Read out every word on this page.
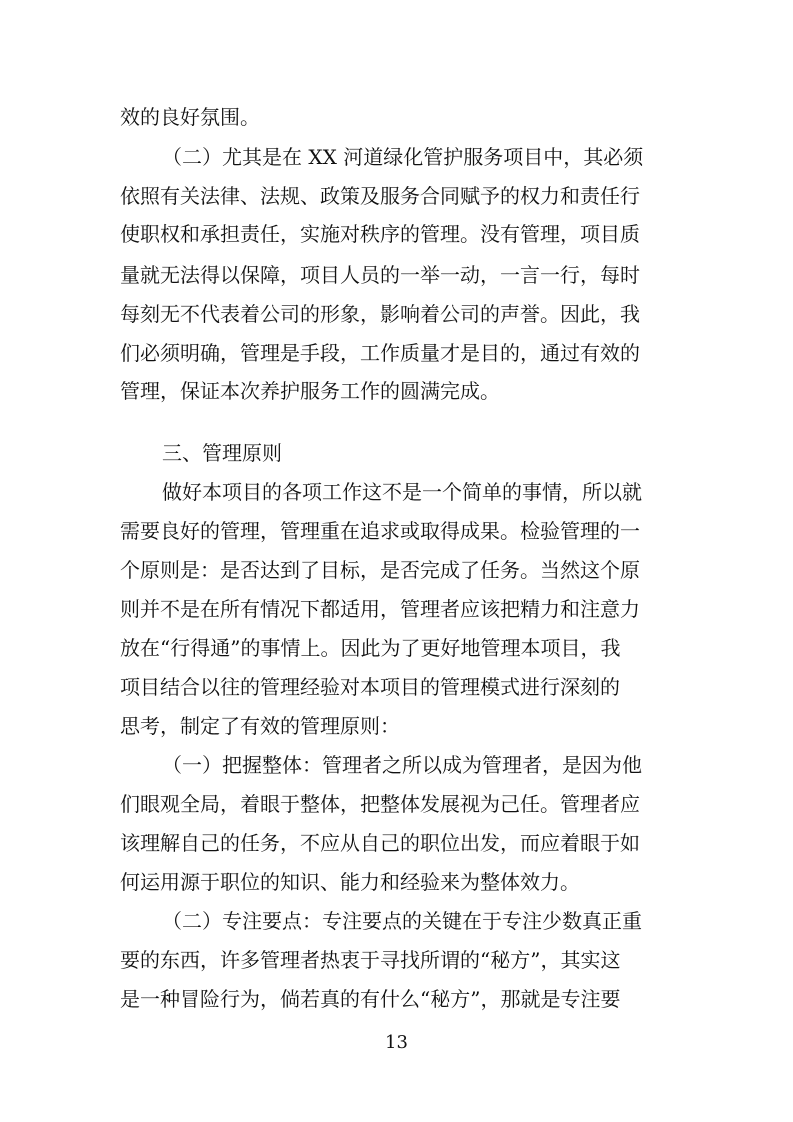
效的良好氛围。
（二）尤其是在 XX 河道绿化管护服务项目中，其必须
依照有关法律、法规、政策及服务合同赋予的权力和责任行
使职权和承担责任，实施对秩序的管理。没有管理，项目质
量就无法得以保障，项目人员的一举一动，一言一行，每时
每刻无不代表着公司的形象，影响着公司的声誉。因此，我
们必须明确，管理是手段，工作质量才是目的，通过有效的
管理，保证本次养护服务工作的圆满完成。
三、管理原则
做好本项目的各项工作这不是一个简单的事情，所以就
需要良好的管理，管理重在追求或取得成果。检验管理的一
个原则是：是否达到了目标，是否完成了任务。当然这个原
则并不是在所有情况下都适用，管理者应该把精力和注意力
放在“行得通”的事情上。因此为了更好地管理本项目，我
项目结合以往的管理经验对本项目的管理模式进行深刻的
思考，制定了有效的管理原则：
（一）把握整体：管理者之所以成为管理者，是因为他
们眼观全局，着眼于整体，把整体发展视为己任。管理者应
该理解自己的任务，不应从自己的职位出发，而应着眼于如
何运用源于职位的知识、能力和经验来为整体效力。
（二）专注要点：专注要点的关键在于专注少数真正重
要的东西，许多管理者热衷于寻找所谓的“秘方”，其实这
是一种冒险行为，倘若真的有什么“秘方”，那就是专注要
13
